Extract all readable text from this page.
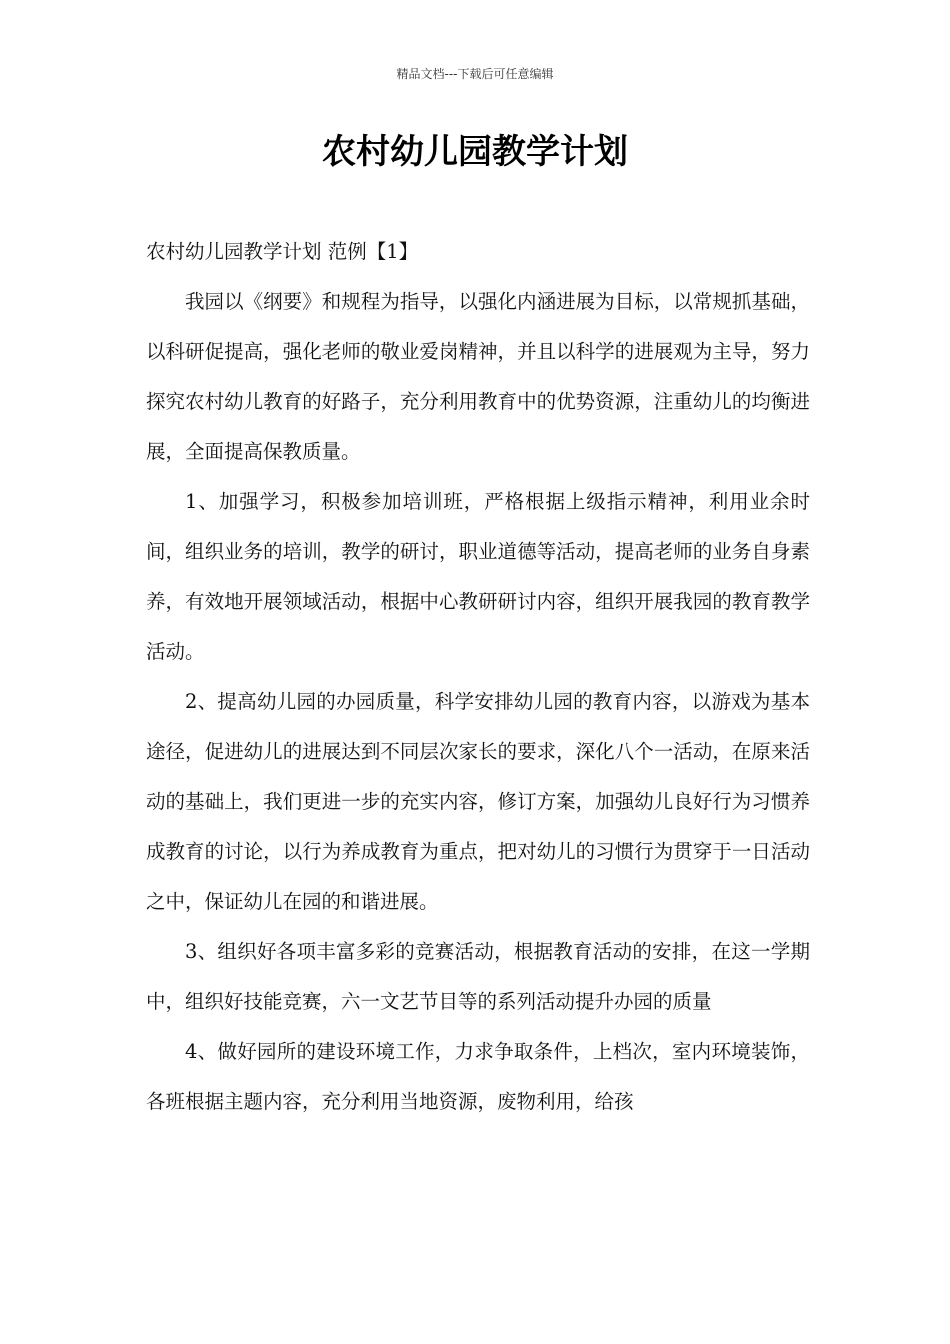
精品文档---下载后可任意编辑
农村幼儿园教学计划

农村幼儿园教学计划 范例【1】

我园以《纲要》和规程为指导，以强化内涵进展为目标，以常规抓基础，以科研促提高，强化老师的敬业爱岗精神，并且以科学的进展观为主导，努力探究农村幼儿教育的好路子，充分利用教育中的优势资源，注重幼儿的均衡进展，全面提高保教质量。

1、加强学习，积极参加培训班，严格根据上级指示精神，利用业余时间，组织业务的培训，教学的研讨，职业道德等活动，提高老师的业务自身素养，有效地开展领域活动，根据中心教研研讨内容，组织开展我园的教育教学活动。

2、提高幼儿园的办园质量，科学安排幼儿园的教育内容，以游戏为基本途径，促进幼儿的进展达到不同层次家长的要求，深化八个一活动，在原来活动的基础上，我们更进一步的充实内容，修订方案，加强幼儿良好行为习惯养成教育的讨论，以行为养成教育为重点，把对幼儿的习惯行为贯穿于一日活动之中，保证幼儿在园的和谐进展。

3、组织好各项丰富多彩的竞赛活动，根据教育活动的安排，在这一学期中，组织好技能竞赛，六一文艺节目等的系列活动提升办园的质量

4、做好园所的建设环境工作，力求争取条件，上档次，室内环境装饰，各班根据主题内容，充分利用当地资源，废物利用，给孩
